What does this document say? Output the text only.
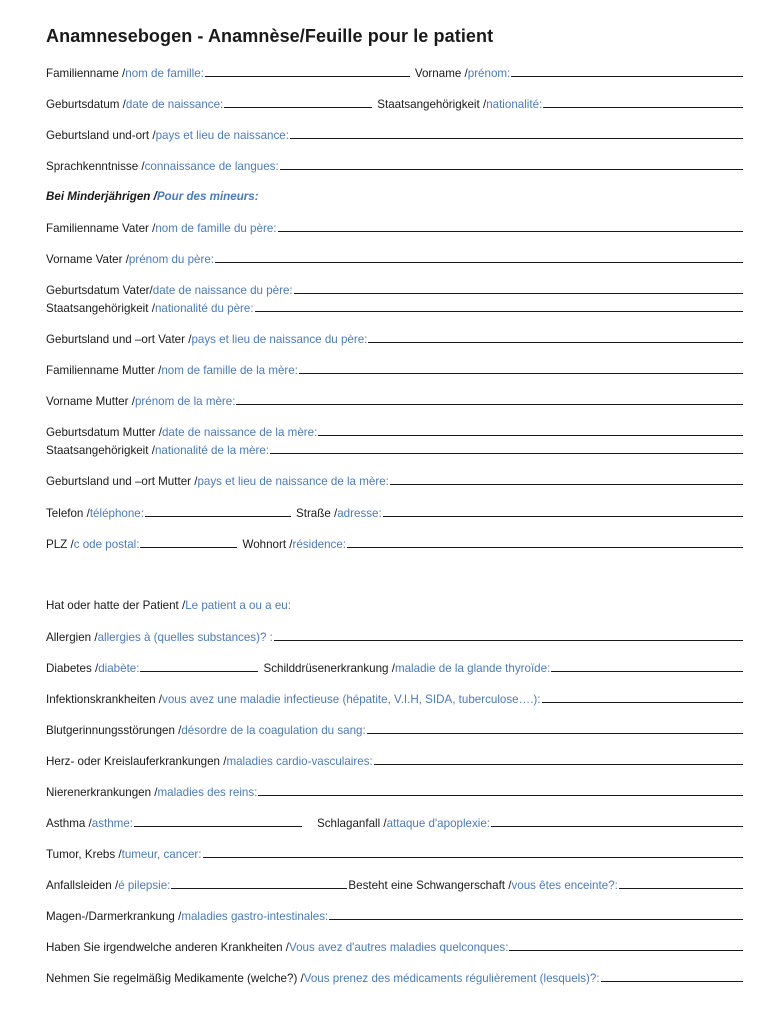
Anamnesebogen - Anamnèse/Feuille pour le patient
Familienname / nom de famille:	Vorname / prénom:
Geburtsdatum / date de naissance:	Staatsangehörigkeit / nationalité:
Geburtsland und-ort / pays et lieu de naissance:
Sprachkenntnisse / connaissance de langues:
Bei Minderjährigen / Pour des mineurs:
Familienname Vater / nom de famille du père:
Vorname Vater / prénom du père:
Geburtsdatum Vater/ date de naissance du père:
Staatsangehörigkeit / nationalité du père:
Geburtsland und –ort Vater / pays et lieu de naissance du père:
Familienname Mutter / nom de famille de la mère:
Vorname Mutter / prénom de la mère:
Geburtsdatum Mutter / date de naissance de la mère:
Staatsangehörigkeit / nationalité de la mère:
Geburtsland und –ort Mutter / pays et lieu de naissance de la mère:
Telefon / téléphone:	Straße / adresse:
PLZ / c ode postal:	Wohnort / résidence:
Hat oder hatte der Patient / Le patient a ou a eu:
Allergien / allergies à (quelles substances)? :
Diabetes / diabète:	Schilddrüsenerkrankung / maladie de la glande thyroïde:
Infektionskrankheiten / vous avez une maladie infectieuse (hépatite, V.I.H, SIDA, tuberculose….):
Blutgerinnungsstörungen / désordre de la coagulation du sang:
Herz- oder Kreislauferkrankungen / maladies cardio-vasculaires:
Nierenerkrankungen / maladies des reins:
Asthma / asthme:	Schlaganfall / attaque d'apoplexie:
Tumor, Krebs / tumeur, cancer:
Anfallsleiden / é pilepsie:	Besteht eine Schwangerschaft / vous êtes enceinte?:
Magen-/Darmerkrankung / maladies gastro-intestinales:
Haben Sie irgendwelche anderen Krankheiten / Vous avez d'autres maladies quelconques:
Nehmen Sie regelmäßig Medikamente (welche?) / Vous prenez des médicaments régulièrement (lesquels)?:
